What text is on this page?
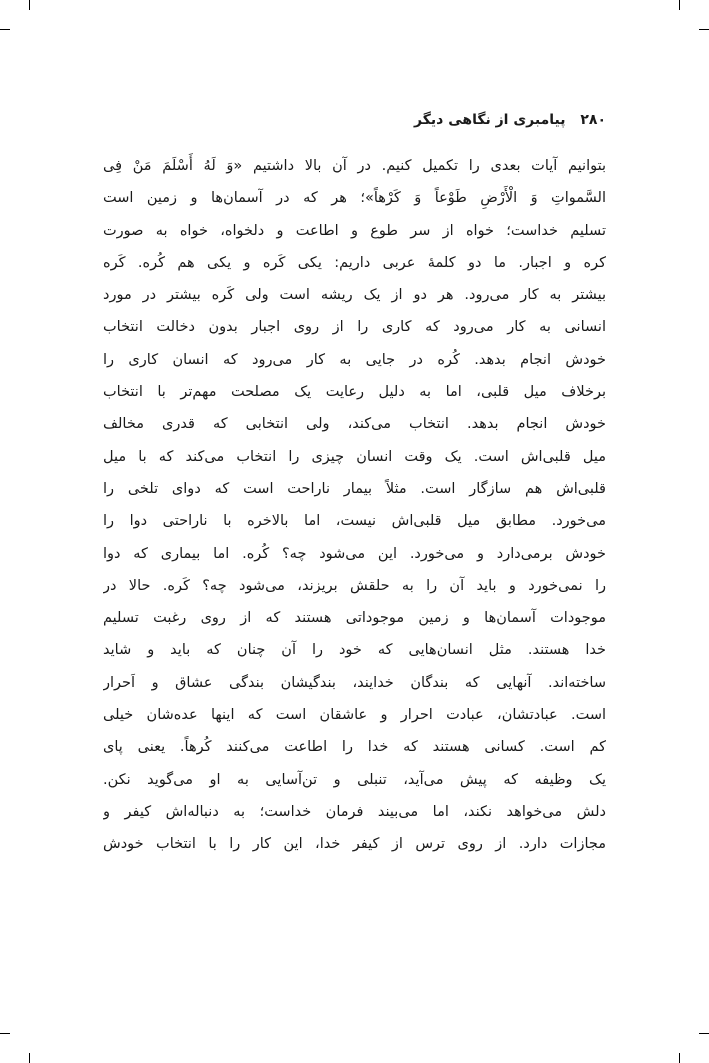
۲۸۰ پیامبری از نگاهی دیگر
بتوانیم آیات بعدی را تکمیل کنیم. در آن بالا داشتیم «وَ لَهُ أَسْلَمَ مَنْ فِی
السَّمواتِ وَ الْأَرْضِ طَوْعاً وَ کَرْهاً»؛ هر که در آسمان‌ها و زمین است
تسلیم خداست؛ خواه از سر طوع و اطاعت و دلخواه، خواه به صورت
کره و اجبار. ما دو کلمهٔ عربی داریم: یکی کَره و یکی هم کُره. کَره
بیشتر به کار می‌رود. هر دو از یک ریشه است ولی کَره بیشتر در مورد
انسانی به کار می‌رود که کاری را از روی اجبار بدون دخالت انتخاب
خودش انجام بدهد. کُره در جایی به کار می‌رود که انسان کاری را
برخلاف میل قلبی، اما به دلیل رعایت یک مصلحت مهم‌تر با انتخاب
خودش انجام بدهد. انتخاب می‌کند، ولی انتخابی که قدری مخالف
میل قلبی‌اش است. یک وقت انسان چیزی را انتخاب می‌کند که با میل
قلبی‌اش هم سازگار است. مثلاً بیمار ناراحت است که دوای تلخی را
می‌خورد. مطابق میل قلبی‌اش نیست، اما بالاخره با ناراحتی دوا را
خودش برمی‌دارد و می‌خورد. این می‌شود چه؟ کُره. اما بیماری که دوا
را نمی‌خورد و باید آن را به حلقش بریزند، می‌شود چه؟ کَره. حالا در
موجودات آسمان‌ها و زمین موجوداتی هستند که از روی رغبت تسلیم
خدا هستند. مثل انسان‌هایی که خود را آن چنان که باید و شاید
ساخته‌اند. آنهایی که بندگان خدایند، بندگیشان بندگی عشاق و اَحرار
است. عبادتشان، عبادت احرار و عاشقان است که اینها عده‌شان خیلی
کم است. کسانی هستند که خدا را اطاعت می‌کنند کُرهاً. یعنی پای
یک وظیفه که پیش می‌آید، تنبلی و تن‌آسایی به او می‌گوید نکن.
دلش می‌خواهد نکند، اما می‌بیند فرمان خداست؛ به دنباله‌اش کیفر و
مجازات دارد. از روی ترس از کیفر خدا، این کار را با انتخاب خودش
